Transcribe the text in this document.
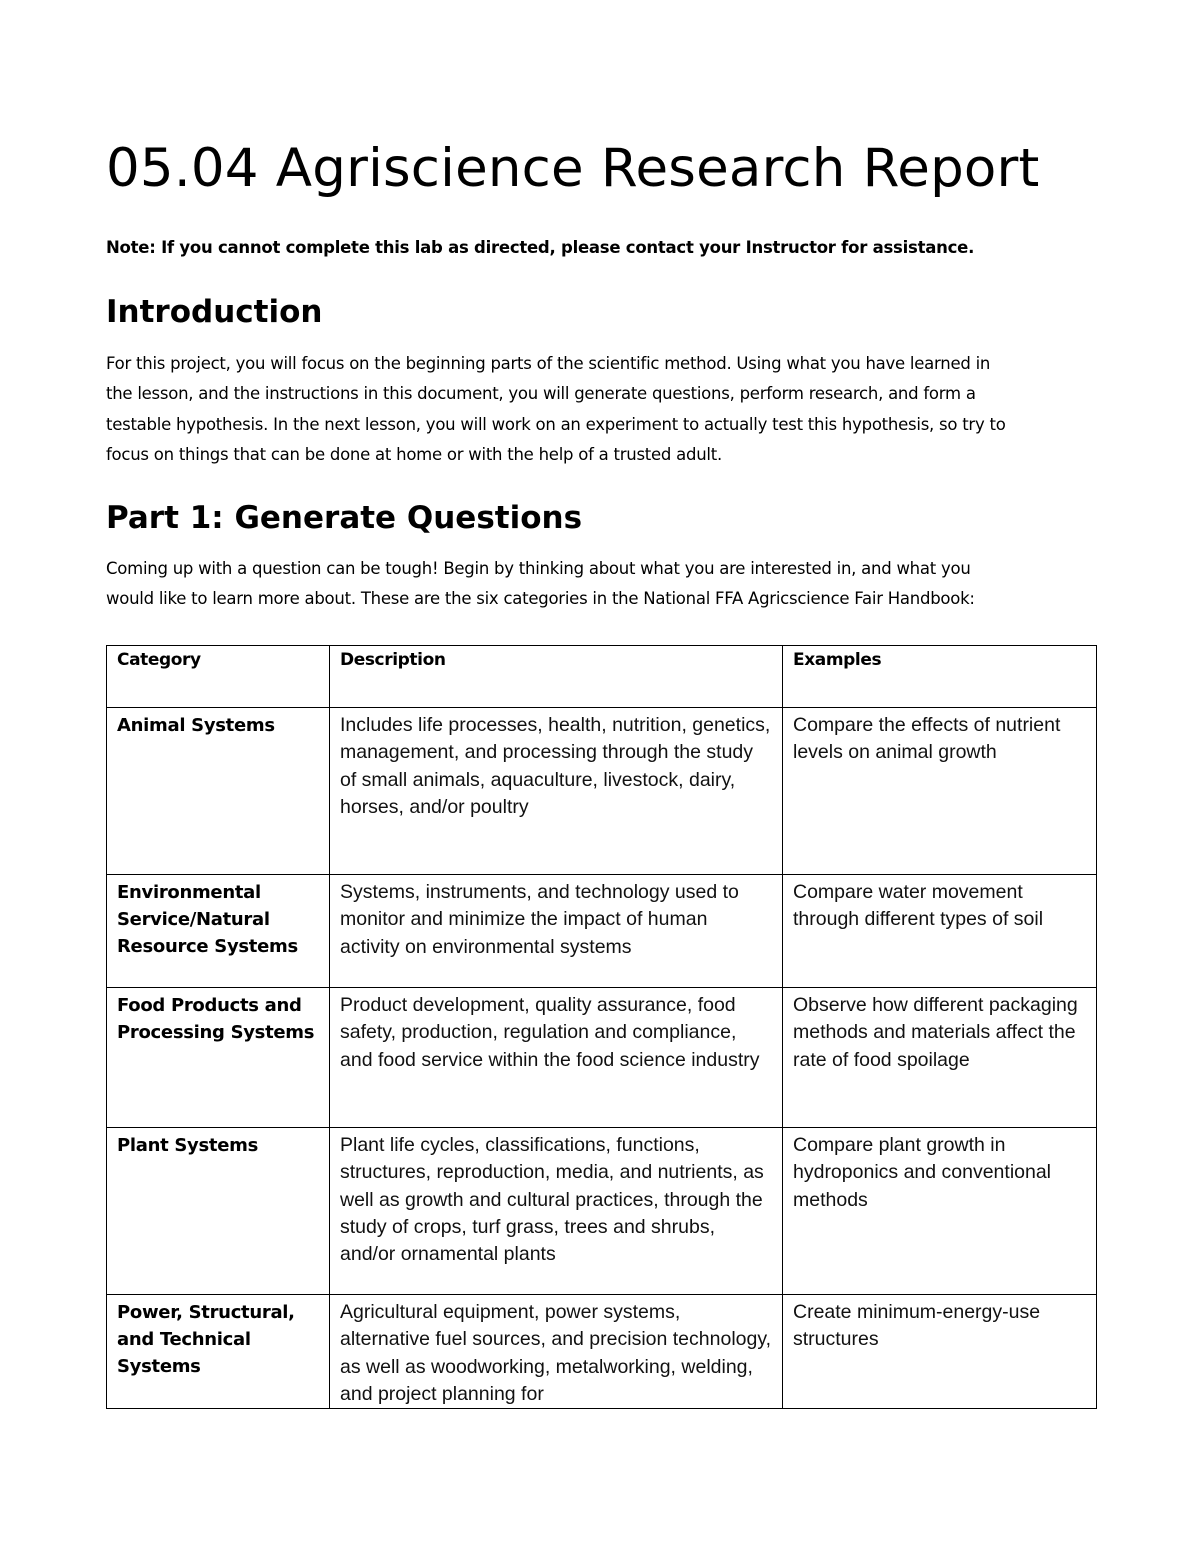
05.04 Agriscience Research Report

Note: If you cannot complete this lab as directed, please contact your Instructor for assistance.

Introduction
For this project, you will focus on the beginning parts of the scientific method. Using what you have learned in
the lesson, and the instructions in this document, you will generate questions, perform research, and form a
testable hypothesis. In the next lesson, you will work on an experiment to actually test this hypothesis, so try to
focus on things that can be done at home or with the help of a trusted adult.
Part 1: Generate Questions
Coming up with a question can be tough! Begin by thinking about what you are interested in, and what you
would like to learn more about. These are the six categories in the National FFA Agricscience Fair Handbook:
Category	Description	Examples
Animal Systems	Includes life processes, health, nutrition, genetics, management, and processing through the study of small animals, aquaculture, livestock, dairy, horses, and/or poultry	Compare the effects of nutrient levels on animal growth
Environmental Service/Natural Resource Systems	Systems, instruments, and technology used to monitor and minimize the impact of human activity on environmental systems	Compare water movement through different types of soil
Food Products and Processing Systems	Product development, quality assurance, food safety, production, regulation and compliance, and food service within the food science industry	Observe how different packaging methods and materials affect the rate of food spoilage
Plant Systems	Plant life cycles, classifications, functions, structures, reproduction, media, and nutrients, as well as growth and cultural practices, through the study of crops, turf grass, trees and shrubs, and/or ornamental plants	Compare plant growth in hydroponics and conventional methods
Power, Structural, and Technical Systems	Agricultural equipment, power systems, alternative fuel sources, and precision technology, as well as woodworking, metalworking, welding, and project planning for	Create minimum-energy-use structures
